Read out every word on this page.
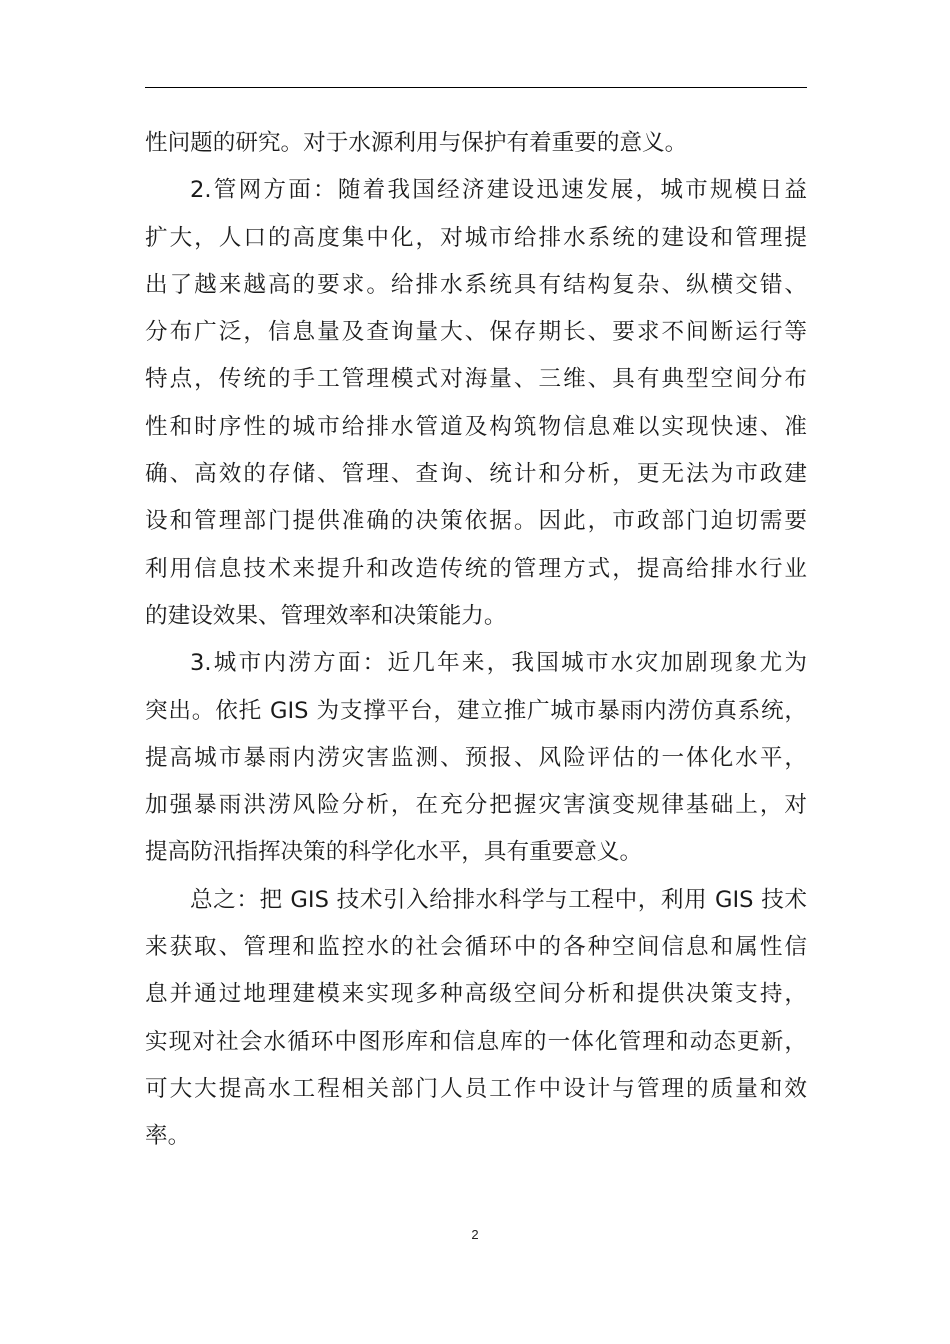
性问题的研究。对于水源利用与保护有着重要的意义。
2.管网方面：随着我国经济建设迅速发展，城市规模日益
扩大，人口的高度集中化，对城市给排水系统的建设和管理提
出了越来越高的要求。给排水系统具有结构复杂、纵横交错、
分布广泛，信息量及查询量大、保存期长、要求不间断运行等
特点，传统的手工管理模式对海量、三维、具有典型空间分布
性和时序性的城市给排水管道及构筑物信息难以实现快速、准
确、高效的存储、管理、查询、统计和分析，更无法为市政建
设和管理部门提供准确的决策依据。因此，市政部门迫切需要
利用信息技术来提升和改造传统的管理方式，提高给排水行业
的建设效果、管理效率和决策能力。
3.城市内涝方面：近几年来，我国城市水灾加剧现象尤为
突出。依托 GIS 为支撑平台，建立推广城市暴雨内涝仿真系统，
提高城市暴雨内涝灾害监测、预报、风险评估的一体化水平，
加强暴雨洪涝风险分析，在充分把握灾害演变规律基础上，对
提高防汛指挥决策的科学化水平，具有重要意义。
总之：把 GIS 技术引入给排水科学与工程中，利用 GIS 技术
来获取、管理和监控水的社会循环中的各种空间信息和属性信
息并通过地理建模来实现多种高级空间分析和提供决策支持，
实现对社会水循环中图形库和信息库的一体化管理和动态更新，
可大大提高水工程相关部门人员工作中设计与管理的质量和效
率。
2
